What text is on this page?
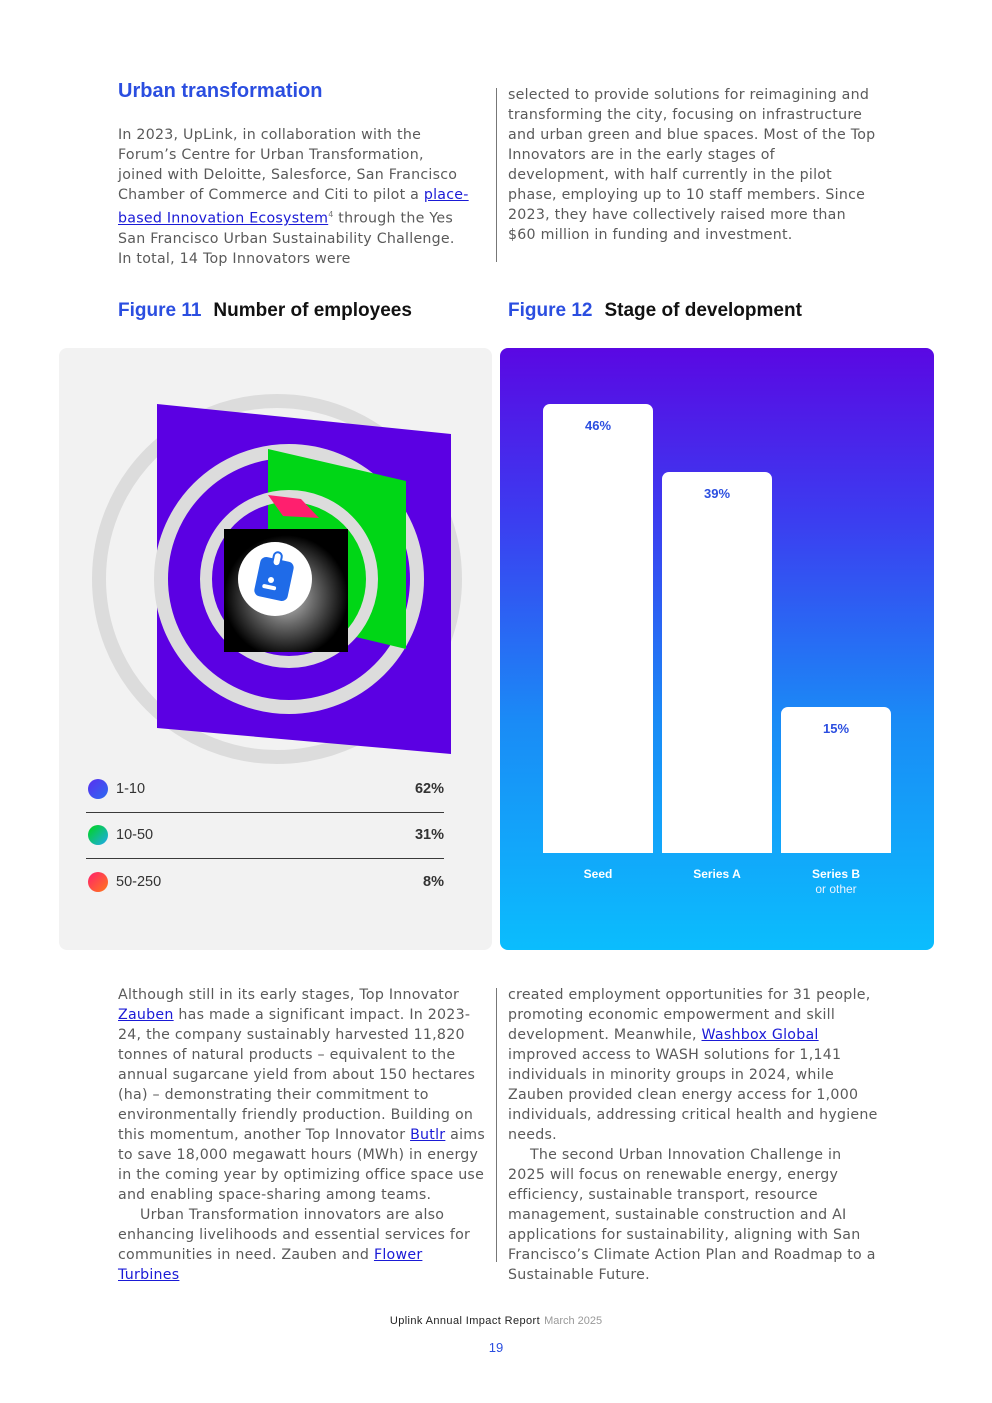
Urban transformation

In 2023, UpLink, in collaboration with the Forum’s Centre for Urban Transformation, joined with Deloitte, Salesforce, San Francisco Chamber of Commerce and Citi to pilot a place-based Innovation Ecosystem$^4$ through the Yes San Francisco Urban Sustainability Challenge. In total, 14 Top Innovators were

selected to provide solutions for reimagining and transforming the city, focusing on infrastructure and urban green and blue spaces. Most of the Top Innovators are in the early stages of development, with half currently in the pilot phase, employing up to 10 staff members. Since 2023, they have collectively raised more than $60 million in funding and investment.

Figure 11 Number of employees	Figure 12 Stage of development
1-10	62%
10-50	31%
50-250	8%
46%
Seed
39%
Series A
15%
Series B
or other

Although still in its early stages, Top Innovator Zauben has made a significant impact. In 2023-24, the company sustainably harvested 11,820 tonnes of natural products – equivalent to the annual sugarcane yield from about 150 hectares (ha) – demonstrating their commitment to environmentally friendly production. Building on this momentum, another Top Innovator Butlr aims to save 18,000 megawatt hours (MWh) in energy in the coming year by optimizing office space use and enabling space-sharing among teams.
Urban Transformation innovators are also enhancing livelihoods and essential services for communities in need. Zauben and Flower Turbines

created employment opportunities for 31 people, promoting economic empowerment and skill development. Meanwhile, Washbox Global improved access to WASH solutions for 1,141 individuals in minority groups in 2024, while Zauben provided clean energy access for 1,000 individuals, addressing critical health and hygiene needs.
The second Urban Innovation Challenge in 2025 will focus on renewable energy, energy efficiency, sustainable transport, resource management, sustainable construction and AI applications for sustainability, aligning with San Francisco’s Climate Action Plan and Roadmap to a Sustainable Future.

Uplink Annual Impact Report March 2025
19
